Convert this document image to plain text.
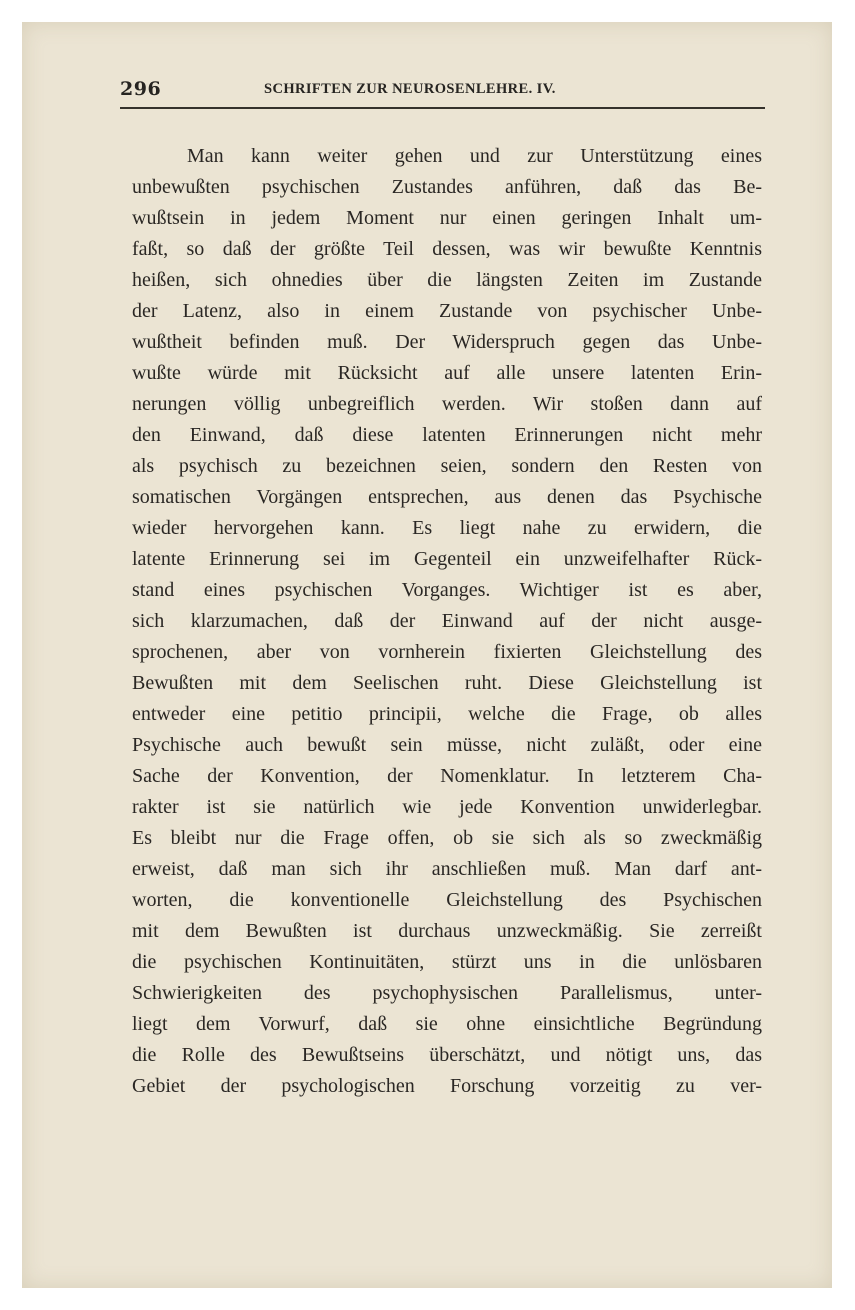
296	SCHRIFTEN ZUR NEUROSENLEHRE. IV.
Man kann weiter gehen und zur Unterstützung eines
unbewußten psychischen Zustandes anführen, daß das Be-
wußtsein in jedem Moment nur einen geringen Inhalt um-
faßt, so daß der größte Teil dessen, was wir bewußte Kenntnis
heißen, sich ohnedies über die längsten Zeiten im Zustande
der Latenz, also in einem Zustande von psychischer Unbe-
wußtheit befinden muß. Der Widerspruch gegen das Unbe-
wußte würde mit Rücksicht auf alle unsere latenten Erin-
nerungen völlig unbegreiflich werden. Wir stoßen dann auf
den Einwand, daß diese latenten Erinnerungen nicht mehr
als psychisch zu bezeichnen seien, sondern den Resten von
somatischen Vorgängen entsprechen, aus denen das Psychische
wieder hervorgehen kann. Es liegt nahe zu erwidern, die
latente Erinnerung sei im Gegenteil ein unzweifelhafter Rück-
stand eines psychischen Vorganges. Wichtiger ist es aber,
sich klarzumachen, daß der Einwand auf der nicht ausge-
sprochenen, aber von vornherein fixierten Gleichstellung des
Bewußten mit dem Seelischen ruht. Diese Gleichstellung ist
entweder eine petitio principii, welche die Frage, ob alles
Psychische auch bewußt sein müsse, nicht zuläßt, oder eine
Sache der Konvention, der Nomenklatur. In letzterem Cha-
rakter ist sie natürlich wie jede Konvention unwiderlegbar.
Es bleibt nur die Frage offen, ob sie sich als so zweckmäßig
erweist, daß man sich ihr anschließen muß. Man darf ant-
worten, die konventionelle Gleichstellung des Psychischen
mit dem Bewußten ist durchaus unzweckmäßig. Sie zerreißt
die psychischen Kontinuitäten, stürzt uns in die unlösbaren
Schwierigkeiten des psychophysischen Parallelismus, unter-
liegt dem Vorwurf, daß sie ohne einsichtliche Begründung
die Rolle des Bewußtseins überschätzt, und nötigt uns, das
Gebiet der psychologischen Forschung vorzeitig zu ver-
